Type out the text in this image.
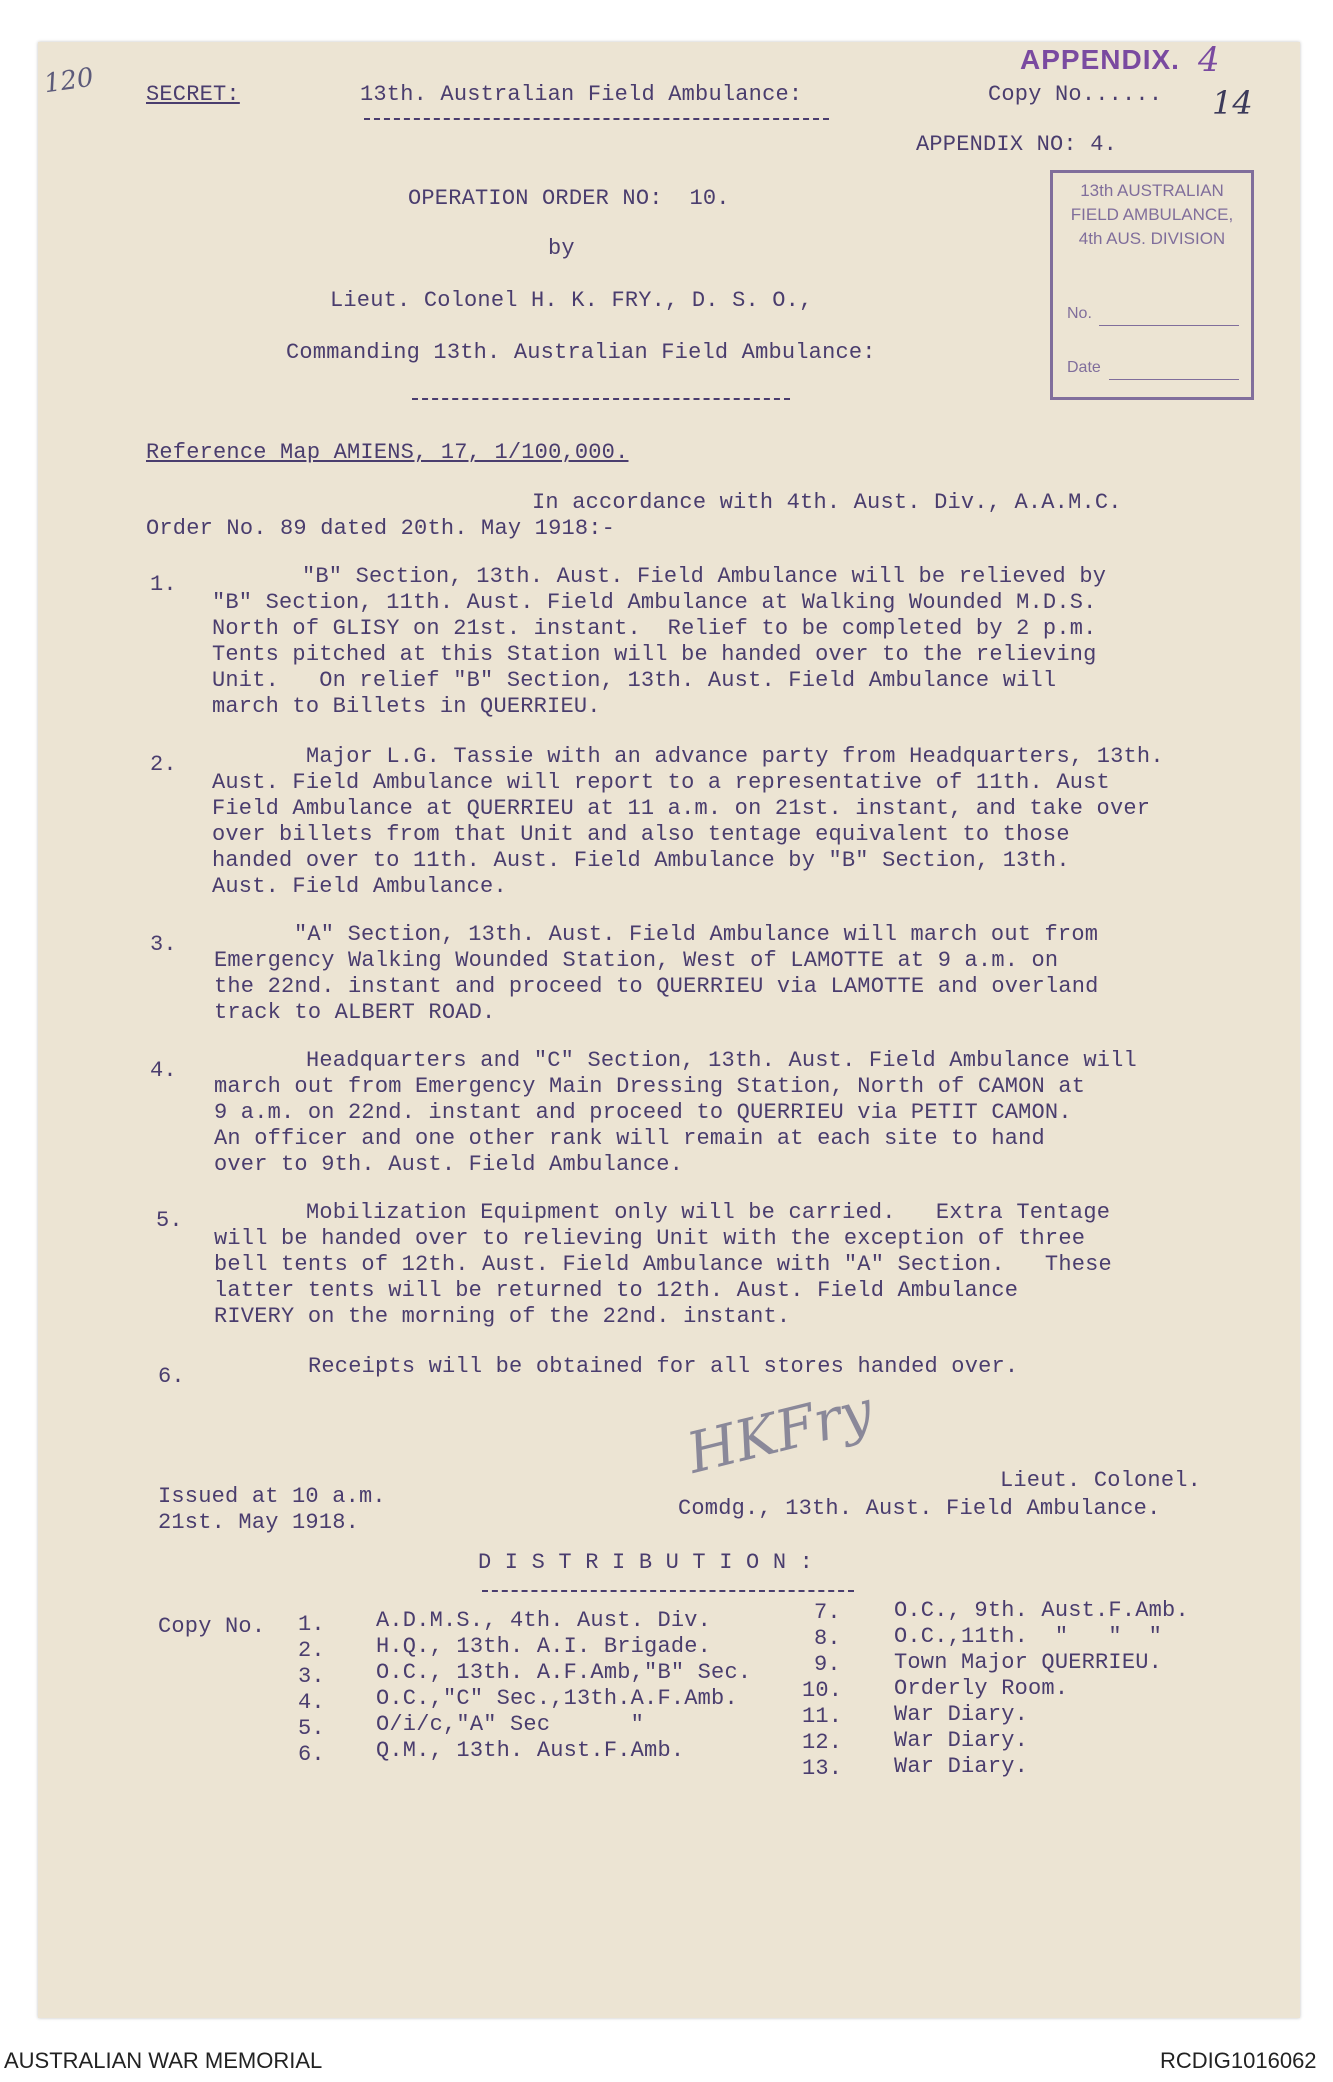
120 SECRET:	13th. Australian Field Ambulance:	Copy No......
APPENDIX. 4
14
APPENDIX NO: 4.
13th AUSTRALIAN
FIELD AMBULANCE,
4th AUS. DIVISION
No.
Date
OPERATION ORDER NO:  10.
by
Lieut. Colonel H. K. FRY., D. S. O.,
Commanding 13th. Australian Field Ambulance:
Reference Map AMIENS, 17, 1/100,000.
In accordance with 4th. Aust. Div., A.A.M.C.
Order No. 89 dated 20th. May 1918:-
1.	"B" Section, 13th. Aust. Field Ambulance will be relieved by
"B" Section, 11th. Aust. Field Ambulance at Walking Wounded M.D.S.
North of GLISY on 21st. instant.  Relief to be completed by 2 p.m.
Tents pitched at this Station will be handed over to the relieving
Unit.   On relief "B" Section, 13th. Aust. Field Ambulance will
march to Billets in QUERRIEU.
2.	Major L.G. Tassie with an advance party from Headquarters, 13th.
Aust. Field Ambulance will report to a representative of 11th. Aust
Field Ambulance at QUERRIEU at 11 a.m. on 21st. instant, and take over
over billets from that Unit and also tentage equivalent to those
handed over to 11th. Aust. Field Ambulance by "B" Section, 13th.
Aust. Field Ambulance.
3.	"A" Section, 13th. Aust. Field Ambulance will march out from
Emergency Walking Wounded Station, West of LAMOTTE at 9 a.m. on
the 22nd. instant and proceed to QUERRIEU via LAMOTTE and overland
track to ALBERT ROAD.
4.	Headquarters and "C" Section, 13th. Aust. Field Ambulance will
march out from Emergency Main Dressing Station, North of CAMON at
9 a.m. on 22nd. instant and proceed to QUERRIEU via PETIT CAMON.
An officer and one other rank will remain at each site to hand
over to 9th. Aust. Field Ambulance.
5.	Mobilization Equipment only will be carried.   Extra Tentage
will be handed over to relieving Unit with the exception of three
bell tents of 12th. Aust. Field Ambulance with "A" Section.   These
latter tents will be returned to 12th. Aust. Field Ambulance
RIVERY on the morning of the 22nd. instant.
6.	Receipts will be obtained for all stores handed over.
HKFry	Lieut. Colonel.
Comdg., 13th. Aust. Field Ambulance.
Issued at 10 a.m.
21st. May 1918.
D I S T R I B U T I O N :
Copy No. 1. A.D.M.S., 4th. Aust. Div.
2. H.Q., 13th. A.I. Brigade.
3. O.C., 13th. A.F.Amb,"B" Sec.
4. O.C.,"C" Sec.,13th.A.F.Amb.
5. O/i/c,"A" Sec      "
6. Q.M., 13th. Aust.F.Amb.
7. O.C., 9th. Aust.F.Amb.
8. O.C.,11th.  "   "  "
9. Town Major QUERRIEU.
10. Orderly Room.
11. War Diary.
12. War Diary.
13. War Diary.
AUSTRALIAN WAR MEMORIAL	RCDIG1016062
